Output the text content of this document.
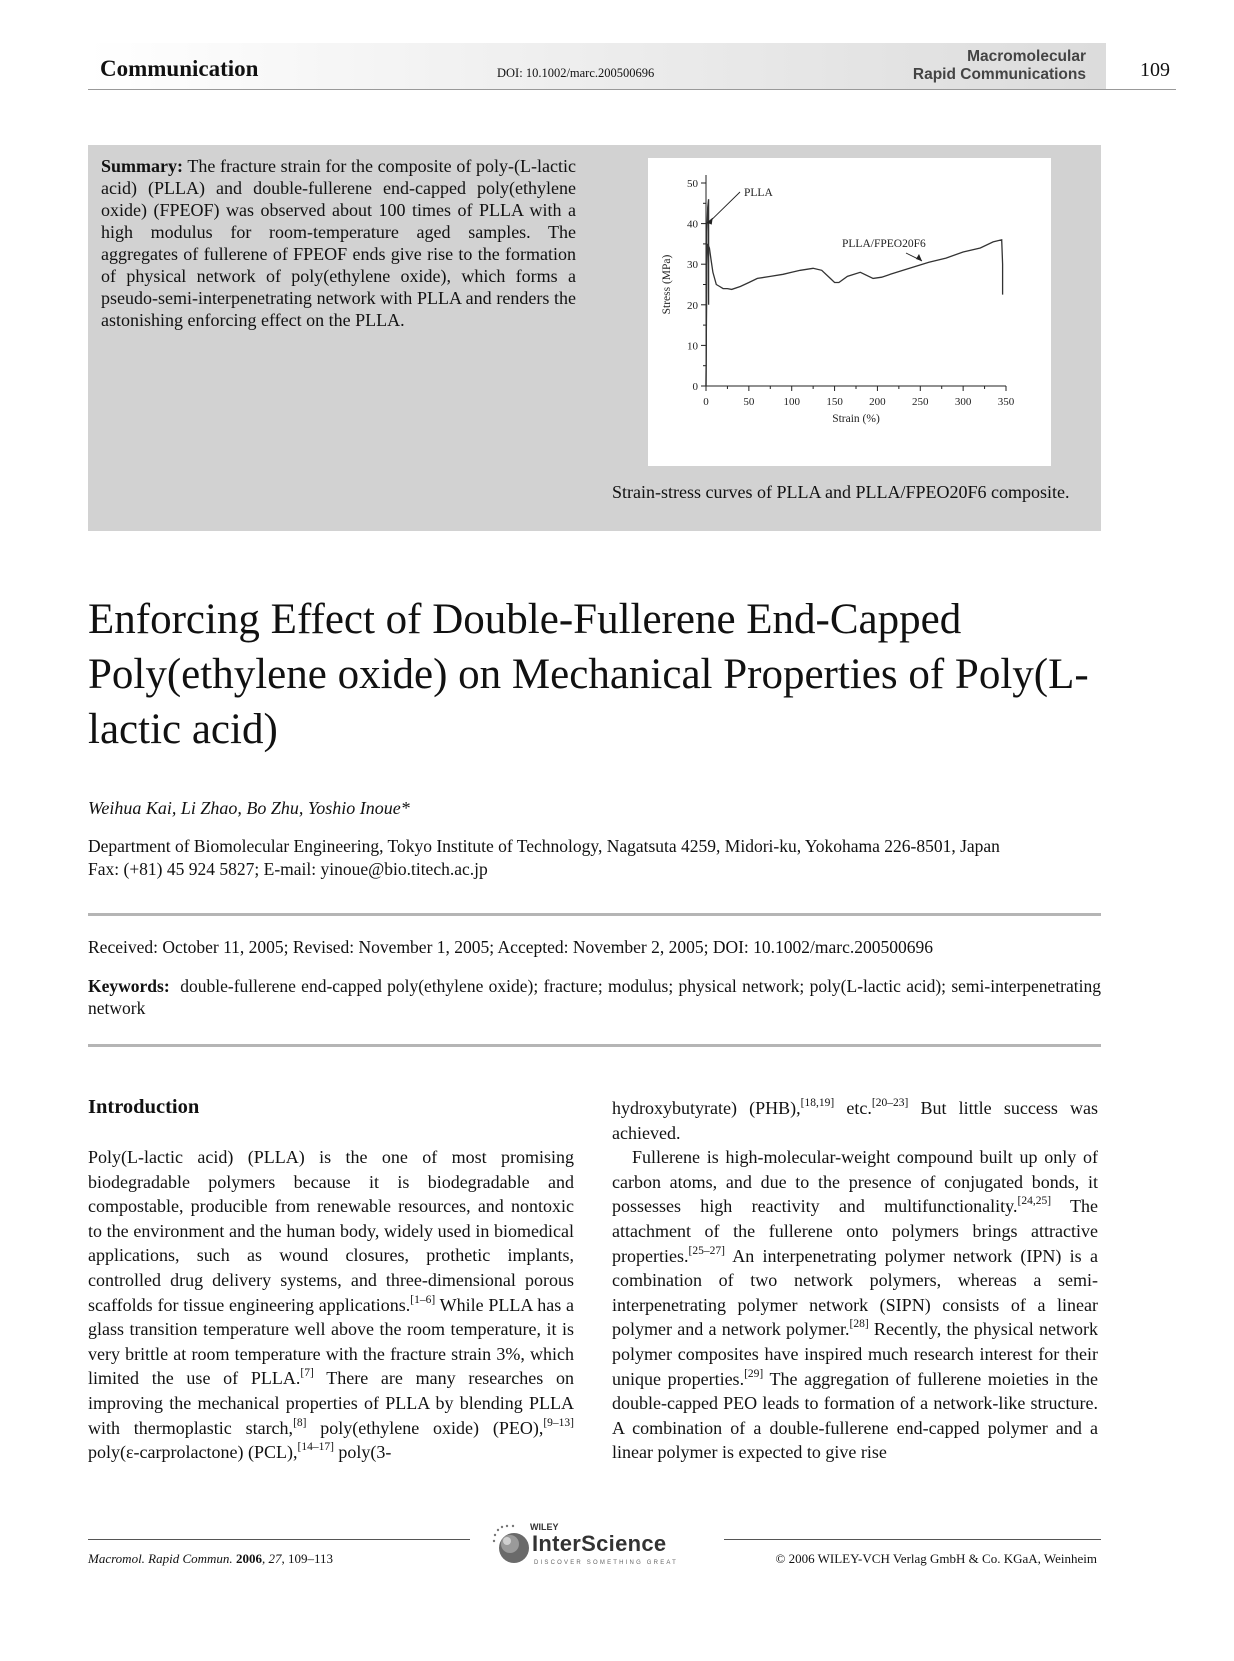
Communication	DOI: 10.1002/marc.200500696
Macromolecular
Rapid Communications	109
Summary: The fracture strain for the composite of poly-(L-lactic acid) (PLLA) and double-fullerene end-capped poly(ethylene oxide) (FPEOF) was observed about 100 times of PLLA with a high modulus for room-temperature aged samples. The aggregates of fullerene of FPEOF ends give rise to the formation of physical network of poly(ethylene oxide), which forms a pseudo-semi-interpenetrating network with PLLA and renders the astonishing enforcing effect on the PLLA.
0	50	100 150 200 250 300 350
0
10
20
30
40
50
Strain (%)
Stress (MPa)
PLLA
PLLA/FPEO20F6
Strain-stress curves of PLLA and PLLA/FPEO20F6 composite.
Enforcing Effect of Double-Fullerene End-Capped Poly(ethylene oxide) on Mechanical Properties of Poly(L-lactic acid)
Weihua Kai, Li Zhao, Bo Zhu, Yoshio Inoue*
Department of Biomolecular Engineering, Tokyo Institute of Technology, Nagatsuta 4259, Midori-ku, Yokohama 226-8501, Japan
Fax: (+81) 45 924 5827; E-mail: yinoue@bio.titech.ac.jp
Received: October 11, 2005; Revised: November 1, 2005; Accepted: November 2, 2005; DOI: 10.1002/marc.200500696
Keywords: double-fullerene end-capped poly(ethylene oxide); fracture; modulus; physical network; poly(L-lactic acid); semi-interpenetrating network
Introduction

Poly(L-lactic acid) (PLLA) is the one of most promising biodegradable polymers because it is biodegradable and compostable, producible from renewable resources, and nontoxic to the environment and the human body, widely used in biomedical applications, such as wound closures, prothetic implants, controlled drug delivery systems, and three-dimensional porous scaffolds for tissue engineering applications.[1–6] While PLLA has a glass transition temperature well above the room temperature, it is very brittle at room temperature with the fracture strain 3%, which limited the use of PLLA.[7] There are many researches on improving the mechanical properties of PLLA by blending PLLA with thermoplastic starch,[8] poly(ethylene oxide) (PEO),[9–13] poly(ε-carprolactone) (PCL),[14–17] poly(3-

hydroxybutyrate) (PHB),[18,19] etc.[20–23] But little success was achieved.

Fullerene is high-molecular-weight compound built up only of carbon atoms, and due to the presence of conjugated bonds, it possesses high reactivity and multifunctionality.[24,25] The attachment of the fullerene onto polymers brings attractive properties.[25–27] An interpenetrating polymer network (IPN) is a combination of two network polymers, whereas a semi-interpenetrating polymer network (SIPN) consists of a linear polymer and a network polymer.[28] Recently, the physical network polymer composites have inspired much research interest for their unique properties.[29] The aggregation of fullerene moieties in the double-capped PEO leads to formation of a network-like structure. A combination of a double-fullerene end-capped polymer and a linear polymer is expected to give rise

Macromol. Rapid Commun. 2006, 27, 109–113
WILEY
InterScience
DISCOVER SOMETHING GREAT	© 2006 WILEY-VCH Verlag GmbH & Co. KGaA, Weinheim
